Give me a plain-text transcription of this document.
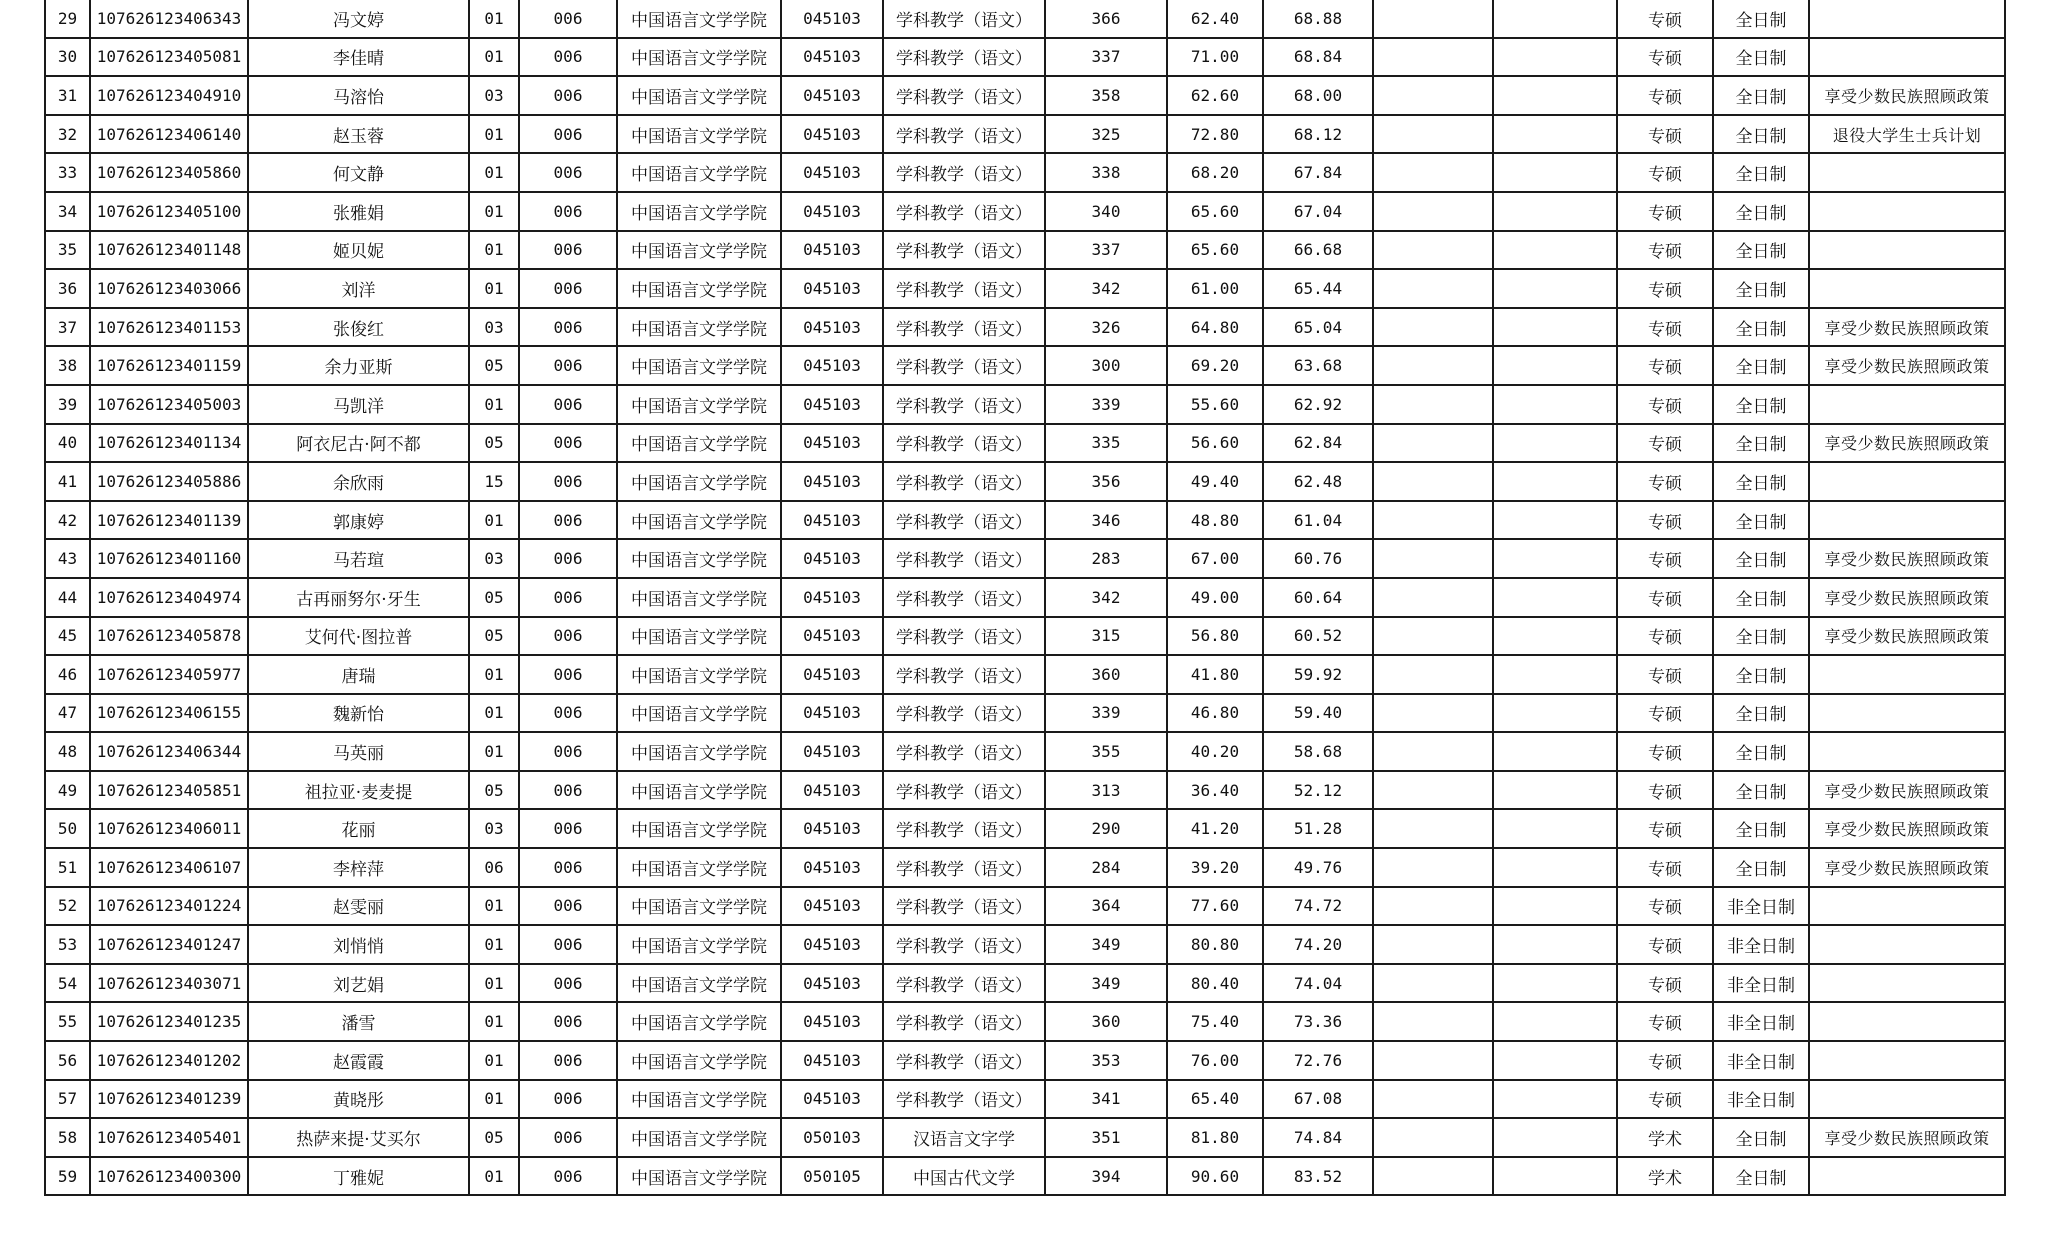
29	107626123406343	冯文婷	01	006	中国语言文学学院	045103	学科教学（语文）	366	62.40	68.88			专硕	全日制	
30	107626123405081	李佳晴	01	006	中国语言文学学院	045103	学科教学（语文）	337	71.00	68.84			专硕	全日制	
31	107626123404910	马溶怡	03	006	中国语言文学学院	045103	学科教学（语文）	358	62.60	68.00			专硕	全日制	享受少数民族照顾政策
32	107626123406140	赵玉蓉	01	006	中国语言文学学院	045103	学科教学（语文）	325	72.80	68.12			专硕	全日制	退役大学生士兵计划
33	107626123405860	何文静	01	006	中国语言文学学院	045103	学科教学（语文）	338	68.20	67.84			专硕	全日制	
34	107626123405100	张雅娟	01	006	中国语言文学学院	045103	学科教学（语文）	340	65.60	67.04			专硕	全日制	
35	107626123401148	姬贝妮	01	006	中国语言文学学院	045103	学科教学（语文）	337	65.60	66.68			专硕	全日制	
36	107626123403066	刘洋	01	006	中国语言文学学院	045103	学科教学（语文）	342	61.00	65.44			专硕	全日制	
37	107626123401153	张俊红	03	006	中国语言文学学院	045103	学科教学（语文）	326	64.80	65.04			专硕	全日制	享受少数民族照顾政策
38	107626123401159	余力亚斯	05	006	中国语言文学学院	045103	学科教学（语文）	300	69.20	63.68			专硕	全日制	享受少数民族照顾政策
39	107626123405003	马凯洋	01	006	中国语言文学学院	045103	学科教学（语文）	339	55.60	62.92			专硕	全日制	
40	107626123401134	阿衣尼古·阿不都	05	006	中国语言文学学院	045103	学科教学（语文）	335	56.60	62.84			专硕	全日制	享受少数民族照顾政策
41	107626123405886	余欣雨	15	006	中国语言文学学院	045103	学科教学（语文）	356	49.40	62.48			专硕	全日制	
42	107626123401139	郭康婷	01	006	中国语言文学学院	045103	学科教学（语文）	346	48.80	61.04			专硕	全日制	
43	107626123401160	马若瑄	03	006	中国语言文学学院	045103	学科教学（语文）	283	67.00	60.76			专硕	全日制	享受少数民族照顾政策
44	107626123404974	古再丽努尔·牙生	05	006	中国语言文学学院	045103	学科教学（语文）	342	49.00	60.64			专硕	全日制	享受少数民族照顾政策
45	107626123405878	艾何代·图拉普	05	006	中国语言文学学院	045103	学科教学（语文）	315	56.80	60.52			专硕	全日制	享受少数民族照顾政策
46	107626123405977	唐瑞	01	006	中国语言文学学院	045103	学科教学（语文）	360	41.80	59.92			专硕	全日制	
47	107626123406155	魏新怡	01	006	中国语言文学学院	045103	学科教学（语文）	339	46.80	59.40			专硕	全日制	
48	107626123406344	马英丽	01	006	中国语言文学学院	045103	学科教学（语文）	355	40.20	58.68			专硕	全日制	
49	107626123405851	祖拉亚·麦麦提	05	006	中国语言文学学院	045103	学科教学（语文）	313	36.40	52.12			专硕	全日制	享受少数民族照顾政策
50	107626123406011	花丽	03	006	中国语言文学学院	045103	学科教学（语文）	290	41.20	51.28			专硕	全日制	享受少数民族照顾政策
51	107626123406107	李梓萍	06	006	中国语言文学学院	045103	学科教学（语文）	284	39.20	49.76			专硕	全日制	享受少数民族照顾政策
52	107626123401224	赵雯丽	01	006	中国语言文学学院	045103	学科教学（语文）	364	77.60	74.72			专硕	非全日制	
53	107626123401247	刘悄悄	01	006	中国语言文学学院	045103	学科教学（语文）	349	80.80	74.20			专硕	非全日制	
54	107626123403071	刘艺娟	01	006	中国语言文学学院	045103	学科教学（语文）	349	80.40	74.04			专硕	非全日制	
55	107626123401235	潘雪	01	006	中国语言文学学院	045103	学科教学（语文）	360	75.40	73.36			专硕	非全日制	
56	107626123401202	赵霞霞	01	006	中国语言文学学院	045103	学科教学（语文）	353	76.00	72.76			专硕	非全日制	
57	107626123401239	黄晓彤	01	006	中国语言文学学院	045103	学科教学（语文）	341	65.40	67.08			专硕	非全日制	
58	107626123405401	热萨来提·艾买尔	05	006	中国语言文学学院	050103	汉语言文字学	351	81.80	74.84			学术	全日制	享受少数民族照顾政策
59	107626123400300	丁雅妮	01	006	中国语言文学学院	050105	中国古代文学	394	90.60	83.52			学术	全日制	
